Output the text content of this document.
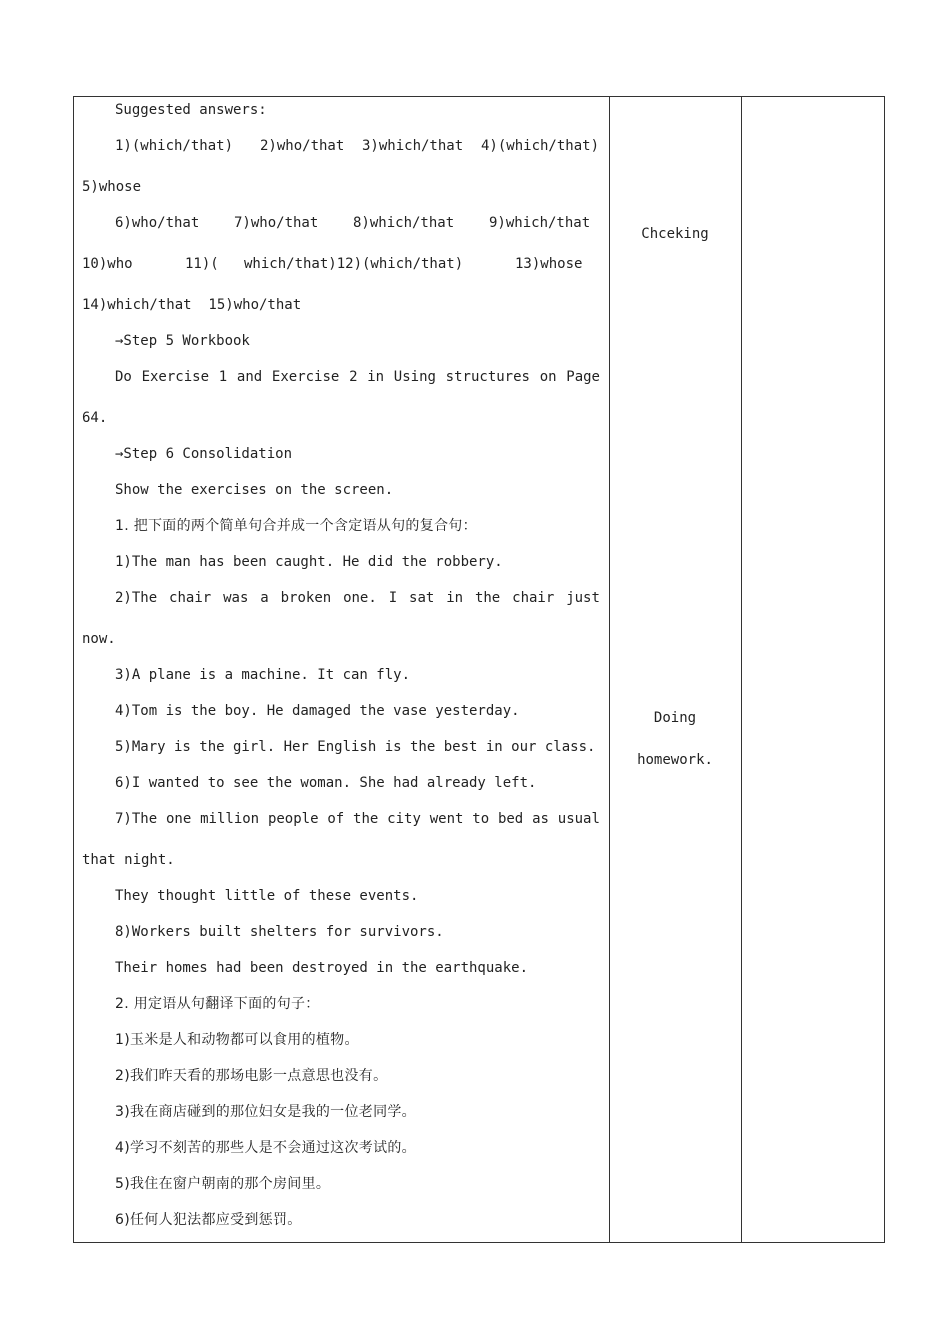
Suggested answers:
1)(which/that) 2)who/that 3)which/that 4)(which/that)
5)whose
6)who/that 7)who/that 8)which/that 9)which/that
10)who	11)( which/that)12)(which/that)	13)whose
14)which/that  15)who/that
→Step 5 Workbook
Do Exercise 1 and Exercise 2 in Using structures on Page
64.
→Step 6 Consolidation
Show the exercises on the screen.
1. 把下面的两个简单句合并成一个含定语从句的复合句：
1)The man has been caught. He did the robbery.
2)The chair was a broken one. I sat in the chair just
now.
3)A plane is a machine. It can fly.
4)Tom is the boy. He damaged the vase yesterday.
5)Mary is the girl. Her English is the best in our class.
6)I wanted to see the woman. She had already left.
7)The one million people of the city went to bed as usual
that night.
They thought little of these events.
8)Workers built shelters for survivors.
Their homes had been destroyed in the earthquake.
2. 用定语从句翻译下面的句子：
1)玉米是人和动物都可以食用的植物。
2)我们昨天看的那场电影一点意思也没有。
3)我在商店碰到的那位妇女是我的一位老同学。
4)学习不刻苦的那些人是不会通过这次考试的。
5)我住在窗户朝南的那个房间里。
6)任何人犯法都应受到惩罚。
Chceking
Doing
homework.
